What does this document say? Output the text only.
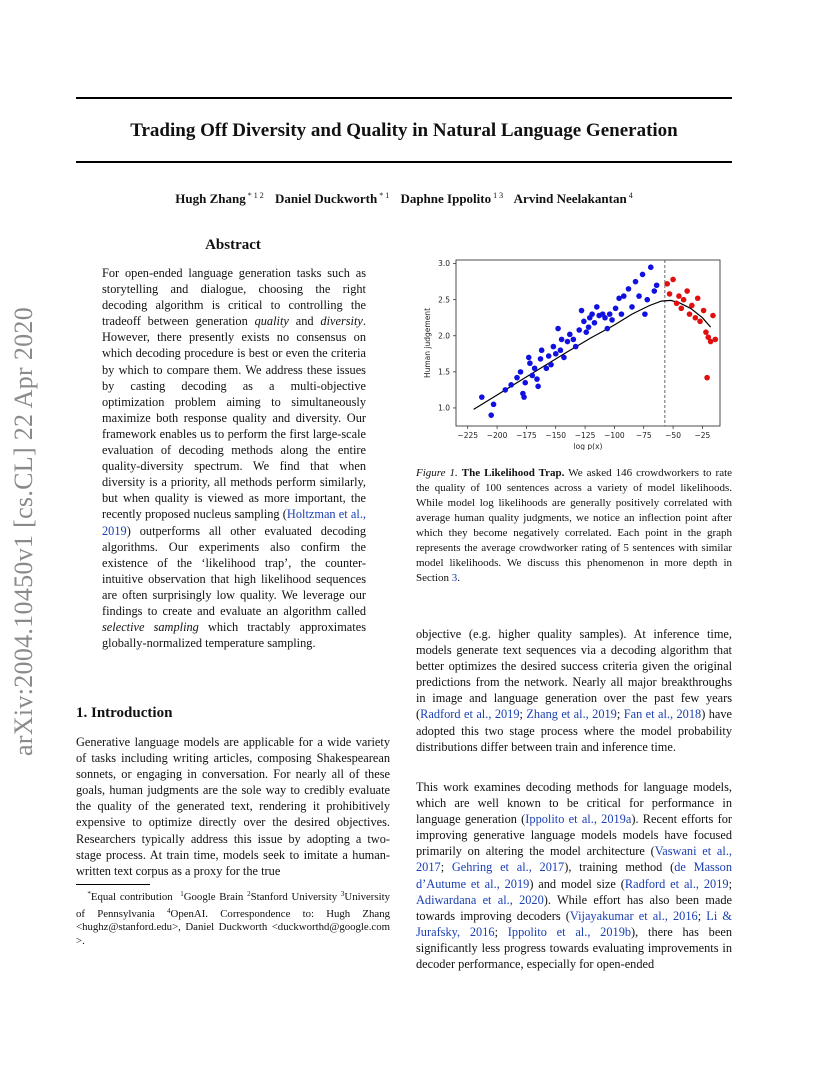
Trading Off Diversity and Quality in Natural Language Generation
Hugh Zhang $^{* 1 2}$ Daniel Duckworth $^{* 1}$ Daphne Ippolito $^{1 3}$ Arvind Neelakantan $^4$
arXiv:2004.10450v1 [cs.CL] 22 Apr 2020
Abstract
For open-ended language generation tasks such as storytelling and dialogue, choosing the right decoding algorithm is critical to controlling the tradeoff between generation quality and diversity. However, there presently exists no consensus on which decoding procedure is best or even the criteria by which to compare them. We address these issues by casting decoding as a multi-objective optimization problem aiming to simultaneously maximize both response quality and diversity. Our framework enables us to perform the first large-scale evaluation of decoding methods along the entire quality-diversity spectrum. We find that when diversity is a priority, all methods perform similarly, but when quality is viewed as more important, the recently proposed nucleus sampling (Holtzman et al., 2019) outperforms all other evaluated decoding algorithms. Our experiments also confirm the existence of the ‘likelihood trap’, the counter-intuitive observation that high likelihood sequences are often surprisingly low quality. We leverage our findings to create and evaluate an algorithm called selective sampling which tractably approximates globally-normalized temperature sampling.
1. Introduction
Generative language models are applicable for a wide variety of tasks including writing articles, composing Shakespearean sonnets, or engaging in conversation. For nearly all of these goals, human judgments are the sole way to credibly evaluate the quality of the generated text, rendering it prohibitively expensive to optimize directly over the desired objectives. Researchers typically address this issue by adopting a two-stage process. At train time, models seek to imitate a human-written text corpus as a proxy for the true
*Equal contribution  $^1$Google Brain $^2$Stanford University $^3$University of Pennsylvania $^4$OpenAI. Correspondence to: Hugh Zhang <hughz@stanford.edu>, Daniel Duckworth <duckworthd@google.com >.
−225 −200 −175 −150 −125 −100 −75 −50 −25
1.0
1.5
2.0
2.5
3.0
log p(x)
Human judgement
Figure 1. The Likelihood Trap. We asked 146 crowdworkers to rate the quality of 100 sentences across a variety of model likelihoods. While model log likelihoods are generally positively correlated with average human quality judgments, we notice an inflection point after which they become negatively correlated. Each point in the graph represents the average crowdworker rating of 5 sentences with similar model likelihoods. We discuss this phenomenon in more depth in Section 3.
objective (e.g. higher quality samples). At inference time, models generate text sequences via a decoding algorithm that better optimizes the desired success criteria given the original predictions from the network. Nearly all major breakthroughs in image and language generation over the past few years (Radford et al., 2019; Zhang et al., 2019; Fan et al., 2018) have adopted this two stage process where the model probability distributions differ between train and inference time.
This work examines decoding methods for language models, which are well known to be critical for performance in language generation (Ippolito et al., 2019a). Recent efforts for improving generative language models models have focused primarily on altering the model architecture (Vaswani et al., 2017; Gehring et al., 2017), training method (de Masson d’Autume et al., 2019) and model size (Radford et al., 2019; Adiwardana et al., 2020). While effort has also been made towards improving decoders (Vijayakumar et al., 2016; Li & Jurafsky, 2016; Ippolito et al., 2019b), there has been significantly less progress towards evaluating improvements in decoder performance, especially for open-ended
